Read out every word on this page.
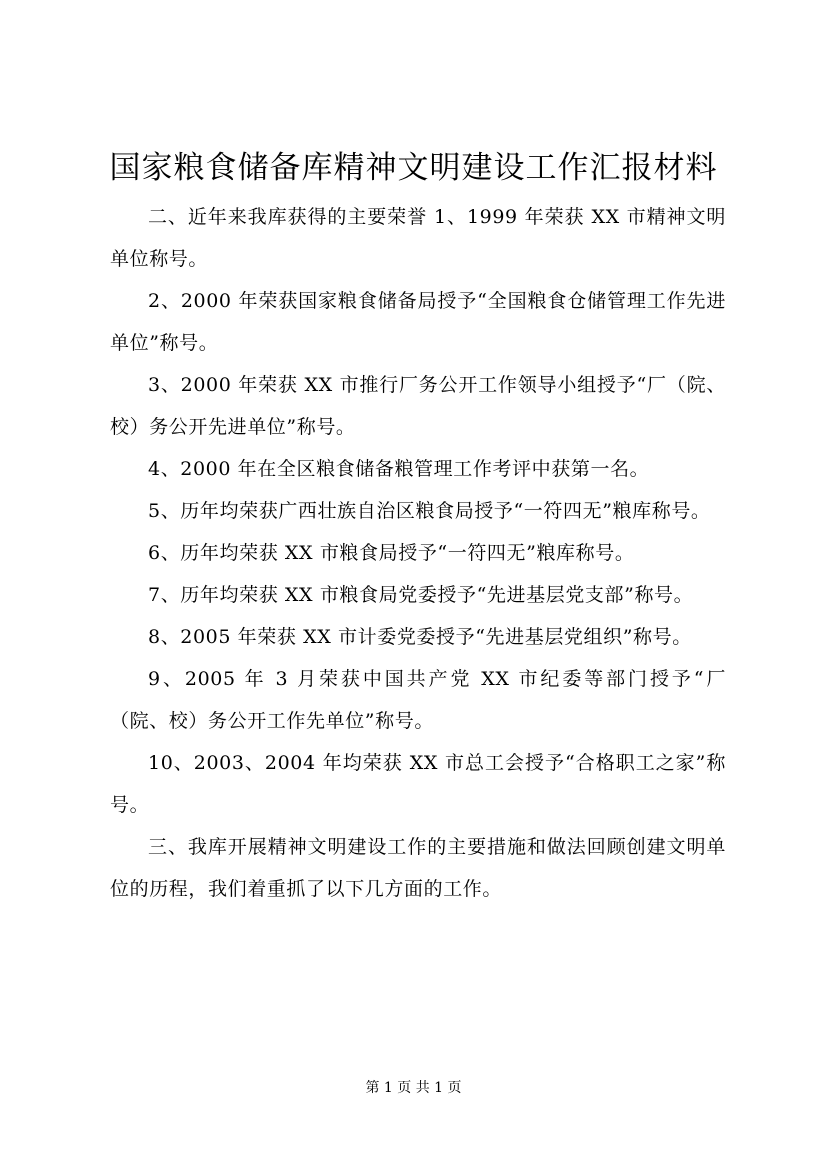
国家粮食储备库精神文明建设工作汇报材料

二、近年来我库获得的主要荣誉 1、1999 年荣获 XX 市精神文明单位称号。

2、2000 年荣获国家粮食储备局授予“全国粮食仓储管理工作先进单位”称号。

3、2000 年荣获 XX 市推行厂务公开工作领导小组授予“厂（院、校）务公开先进单位”称号。

4、2000 年在全区粮食储备粮管理工作考评中获第一名。

5、历年均荣获广西壮族自治区粮食局授予“一符四无”粮库称号。

6、历年均荣获 XX 市粮食局授予“一符四无”粮库称号。

7、历年均荣获 XX 市粮食局党委授予“先进基层党支部”称号。

8、2005 年荣获 XX 市计委党委授予“先进基层党组织”称号。

9、2005 年 3 月荣获中国共产党 XX 市纪委等部门授予“厂（院、校）务公开工作先单位”称号。

10、2003、2004 年均荣获 XX 市总工会授予“合格职工之家”称号。

三、我库开展精神文明建设工作的主要措施和做法回顾创建文明单位的历程，我们着重抓了以下几方面的工作。

第 1 页 共 1 页
